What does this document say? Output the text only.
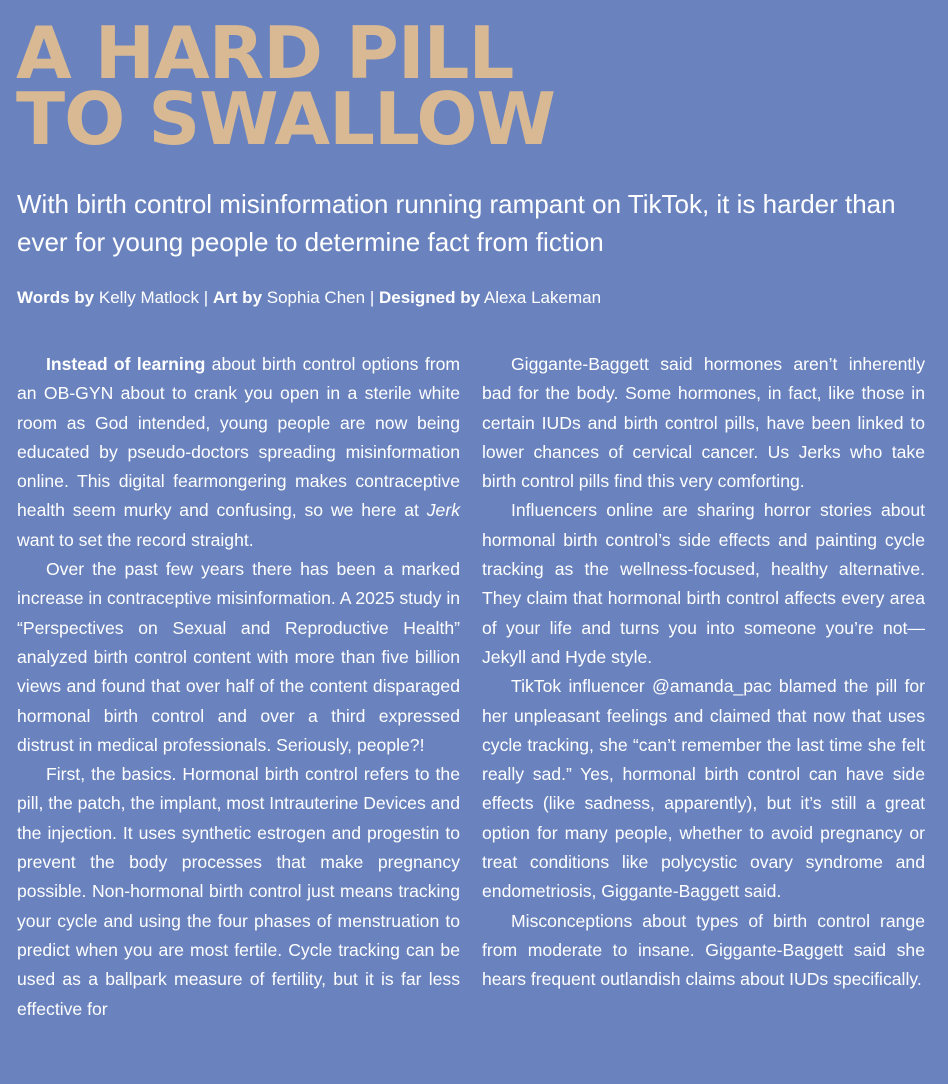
A HARD PILL
TO SWALLOW

With birth control misinformation running rampant on TikTok, it is harder than ever for young people to determine fact from fiction

Words by Kelly Matlock | Art by Sophia Chen | Designed by Alexa Lakeman

Instead of learning about birth control options from an OB-GYN about to crank you open in a sterile white room as God intended, young people are now being educated by pseudo-doctors spreading misinformation online. This digital fearmongering makes contraceptive health seem murky and confusing, so we here at Jerk want to set the record straight.

Over the past few years there has been a marked increase in contraceptive misinformation. A 2025 study in “Perspectives on Sexual and Reproductive Health” analyzed birth control content with more than five billion views and found that over half of the content disparaged hormonal birth control and over a third expressed distrust in medical professionals. Seriously, people?!

First, the basics. Hormonal birth control refers to the pill, the patch, the implant, most Intrauterine Devices and the injection. It uses synthetic estrogen and progestin to prevent the body processes that make pregnancy possible. Non-hormonal birth control just means tracking your cycle and using the four phases of menstruation to predict when you are most fertile. Cycle tracking can be used as a ballpark measure of fertility, but it is far less effective for

Giggante-Baggett said hormones aren’t inherently bad for the body. Some hormones, in fact, like those in certain IUDs and birth control pills, have been linked to lower chances of cervical cancer. Us Jerks who take birth control pills find this very comforting.

Influencers online are sharing horror stories about hormonal birth control’s side effects and painting cycle tracking as the wellness-focused, healthy alternative. They claim that hormonal birth control affects every area of your life and turns you into someone you’re not—Jekyll and Hyde style.

TikTok influencer @amanda_pac blamed the pill for her unpleasant feelings and claimed that now that uses cycle tracking, she “can’t remember the last time she felt really sad.” Yes, hormonal birth control can have side effects (like sadness, apparently), but it’s still a great option for many people, whether to avoid pregnancy or treat conditions like polycystic ovary syndrome and endometriosis, Giggante-Baggett said.

Misconceptions about types of birth control range from moderate to insane. Giggante-Baggett said she hears frequent outlandish claims about IUDs specifically.
